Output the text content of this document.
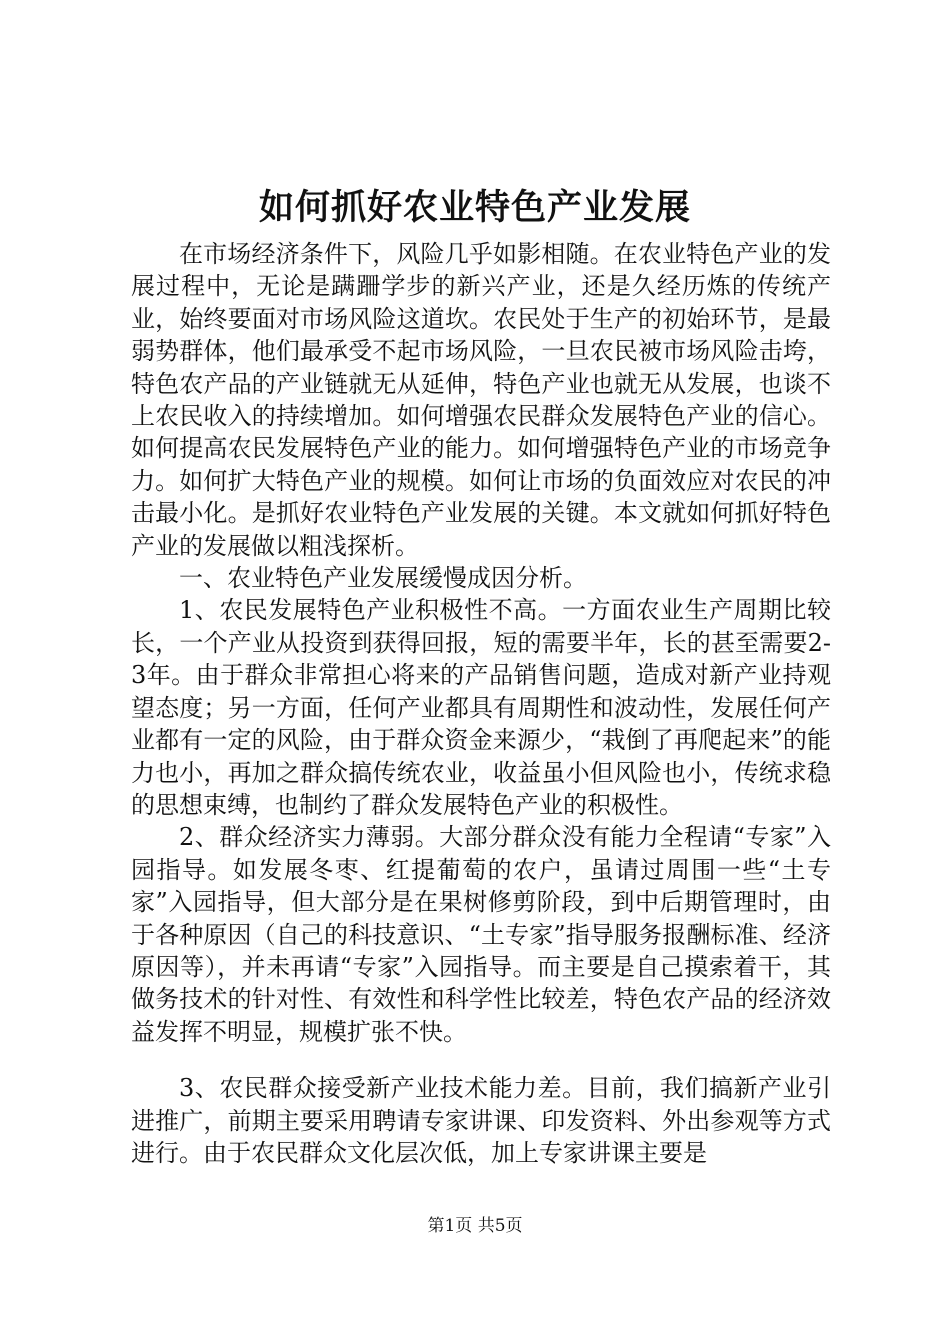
如何抓好农业特色产业发展

在市场经济条件下，风险几乎如影相随。在农业特色产业的发展过程中，无论是蹒跚学步的新兴产业，还是久经历炼的传统产业，始终要面对市场风险这道坎。农民处于生产的初始环节，是最弱势群体，他们最承受不起市场风险，一旦农民被市场风险击垮，特色农产品的产业链就无从延伸，特色产业也就无从发展，也谈不上农民收入的持续增加。如何增强农民群众发展特色产业的信心。如何提高农民发展特色产业的能力。如何增强特色产业的市场竞争力。如何扩大特色产业的规模。如何让市场的负面效应对农民的冲击最小化。是抓好农业特色产业发展的关键。本文就如何抓好特色产业的发展做以粗浅探析。

一、农业特色产业发展缓慢成因分析。

1、农民发展特色产业积极性不高。一方面农业生产周期比较长，一个产业从投资到获得回报，短的需要半年，长的甚至需要2-3年。由于群众非常担心将来的产品销售问题，造成对新产业持观望态度；另一方面，任何产业都具有周期性和波动性，发展任何产业都有一定的风险，由于群众资金来源少，“栽倒了再爬起来”的能力也小，再加之群众搞传统农业，收益虽小但风险也小，传统求稳的思想束缚，也制约了群众发展特色产业的积极性。

2、群众经济实力薄弱。大部分群众没有能力全程请“专家”入园指导。如发展冬枣、红提葡萄的农户，虽请过周围一些“土专家”入园指导，但大部分是在果树修剪阶段，到中后期管理时，由于各种原因（自己的科技意识、“土专家”指导服务报酬标准、经济原因等），并未再请“专家”入园指导。而主要是自己摸索着干，其做务技术的针对性、有效性和科学性比较差，特色农产品的经济效益发挥不明显，规模扩张不快。

3、农民群众接受新产业技术能力差。目前，我们搞新产业引进推广，前期主要采用聘请专家讲课、印发资料、外出参观等方式进行。由于农民群众文化层次低，加上专家讲课主要是

第1页 共5页
